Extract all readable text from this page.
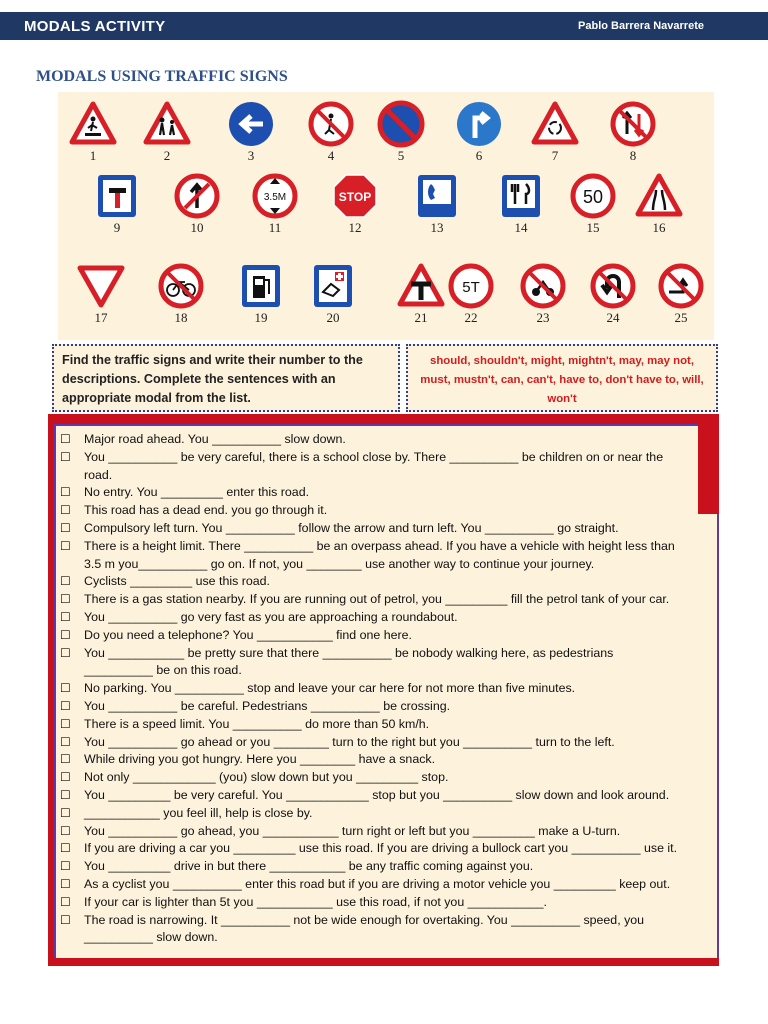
MODALS ACTIVITY	Pablo Barrera Navarrete
MODALS USING TRAFFIC SIGNS
1	2	3	4	5	6	7	8
9	10
3.5M
11
STOP
12	13	14
50
15	16
17	18	19	20	21
5T
22	23	24	25
Find the traffic signs and write their number to the descriptions. Complete the sentences with an appropriate modal from the list.
should, shouldn't, might, mightn't, may, may not, must, mustn't, can, can't, have to, don't have to, will, won't
☐	Major road ahead. You __________ slow down.
☐	You __________ be very careful, there is a school close by. There __________ be children on or near the
road.
☐	No entry. You _________ enter this road.
☐	This road has a dead end. you go through it.
☐	Compulsory left turn. You __________ follow the arrow and turn left. You __________ go straight.
☐	There is a height limit. There __________ be an overpass ahead. If you have a vehicle with height less than
3.5 m you__________ go on. If not, you ________ use another way to continue your journey.
☐	Cyclists _________ use this road.
☐	There is a gas station nearby. If you are running out of petrol, you _________ fill the petrol tank of your car.
☐	You __________ go very fast as you are approaching a roundabout.
☐	Do you need a telephone? You ___________ find one here.
☐	You ___________ be pretty sure that there __________ be nobody walking here, as pedestrians
__________ be on this road.
☐	No parking. You __________ stop and leave your car here for not more than five minutes.
☐	You __________ be careful. Pedestrians __________ be crossing.
☐	There is a speed limit. You __________ do more than 50 km/h.
☐	You __________ go ahead or you ________ turn to the right but you __________ turn to the left.
☐	While driving you got hungry. Here you ________ have a snack.
☐	Not only ____________ (you) slow down but you _________ stop.
☐	You _________ be very careful. You ____________ stop but you __________ slow down and look around.
☐	___________ you feel ill, help is close by.
☐	You __________ go ahead, you ___________ turn right or left but you _________ make a U-turn.
☐	If you are driving a car you _________ use this road. If you are driving a bullock cart you __________ use it.
☐	You _________ drive in but there ___________ be any traffic coming against you.
☐	As a cyclist you __________ enter this road but if you are driving a motor vehicle you _________ keep out.
☐	If your car is lighter than 5t you ___________ use this road, if not you ___________.
☐	The road is narrowing. It __________ not be wide enough for overtaking. You __________ speed, you
__________ slow down.
